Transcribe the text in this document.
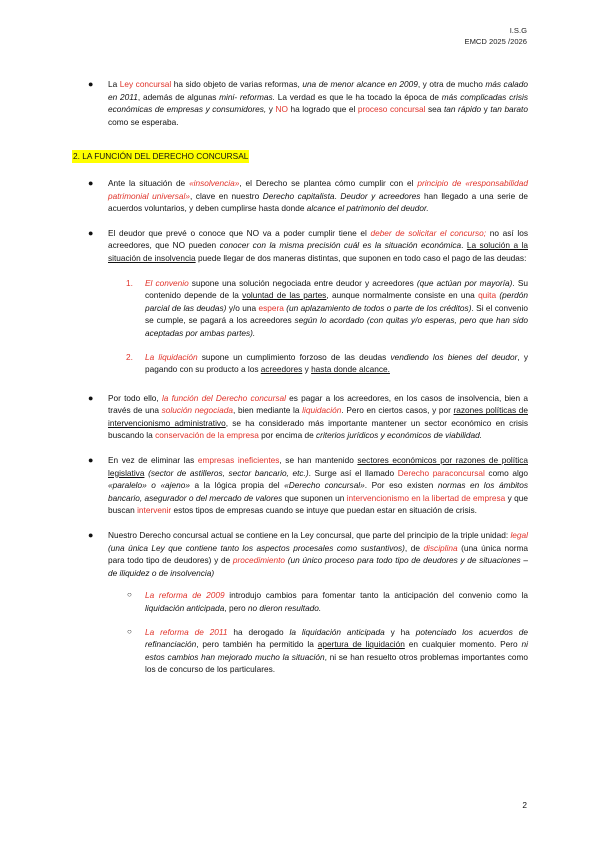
I.S.G
EMCD 2025 /2026
● La Ley concursal ha sido objeto de varias reformas, una de menor alcance en 2009, y otra de mucho más calado en 2011, además de algunas mini- reformas. La verdad es que le ha tocado la época de más complicadas crisis económicas de empresas y consumidores, y NO ha logrado que el proceso concursal sea tan rápido y tan barato como se esperaba.
2. LA FUNCIÓN DEL DERECHO CONCURSAL
● Ante la situación de «insolvencia», el Derecho se plantea cómo cumplir con el principio de «responsabilidad patrimonial universal», clave en nuestro Derecho capitalista. Deudor y acreedores han llegado a una serie de acuerdos voluntarios, y deben cumplirse hasta donde alcance el patrimonio del deudor.
● El deudor que prevé o conoce que NO va a poder cumplir tiene el deber de solicitar el concurso; no así los acreedores, que NO pueden conocer con la misma precisión cuál es la situación económica. La solución a la situación de insolvencia puede llegar de dos maneras distintas, que suponen en todo caso el pago de las deudas:
1. El convenio supone una solución negociada entre deudor y acreedores (que actúan por mayoría). Su contenido depende de la voluntad de las partes, aunque normalmente consiste en una quita (perdón parcial de las deudas) y/o una espera (un aplazamiento de todos o parte de los créditos). Si el convenio se cumple, se pagará a los acreedores según lo acordado (con quitas y/o esperas, pero que han sido aceptadas por ambas partes).
2. La liquidación supone un cumplimiento forzoso de las deudas vendiendo los bienes del deudor, y pagando con su producto a los acreedores y hasta donde alcance.
● Por todo ello, la función del Derecho concursal es pagar a los acreedores, en los casos de insolvencia, bien a través de una solución negociada, bien mediante la liquidación. Pero en ciertos casos, y por razones políticas de intervencionismo administrativo, se ha considerado más importante mantener un sector económico en crisis buscando la conservación de la empresa por encima de criterios jurídicos y económicos de viabilidad.
● En vez de eliminar las empresas ineficientes, se han mantenido sectores económicos por razones de política legislativa (sector de astilleros, sector bancario, etc.). Surge así el llamado Derecho paraconcursal como algo «paralelo» o «ajeno» a la lógica propia del «Derecho concursal». Por eso existen normas en los ámbitos bancario, asegurador o del mercado de valores que suponen un intervencionismo en la libertad de empresa y que buscan intervenir estos tipos de empresas cuando se intuye que puedan estar en situación de crisis.
● Nuestro Derecho concursal actual se contiene en la Ley concursal, que parte del principio de la triple unidad: legal (una única Ley que contiene tanto los aspectos procesales como sustantivos), de disciplina (una única norma para todo tipo de deudores) y de procedimiento (un único proceso para todo tipo de deudores y de situaciones –de iliquidez o de insolvencia)
○ La reforma de 2009 introdujo cambios para fomentar tanto la anticipación del convenio como la liquidación anticipada, pero no dieron resultado.
○ La reforma de 2011 ha derogado la liquidación anticipada y ha potenciado los acuerdos de refinanciación, pero también ha permitido la apertura de liquidación en cualquier momento. Pero ni estos cambios han mejorado mucho la situación, ni se han resuelto otros problemas importantes como los de concurso de los particulares.
2
